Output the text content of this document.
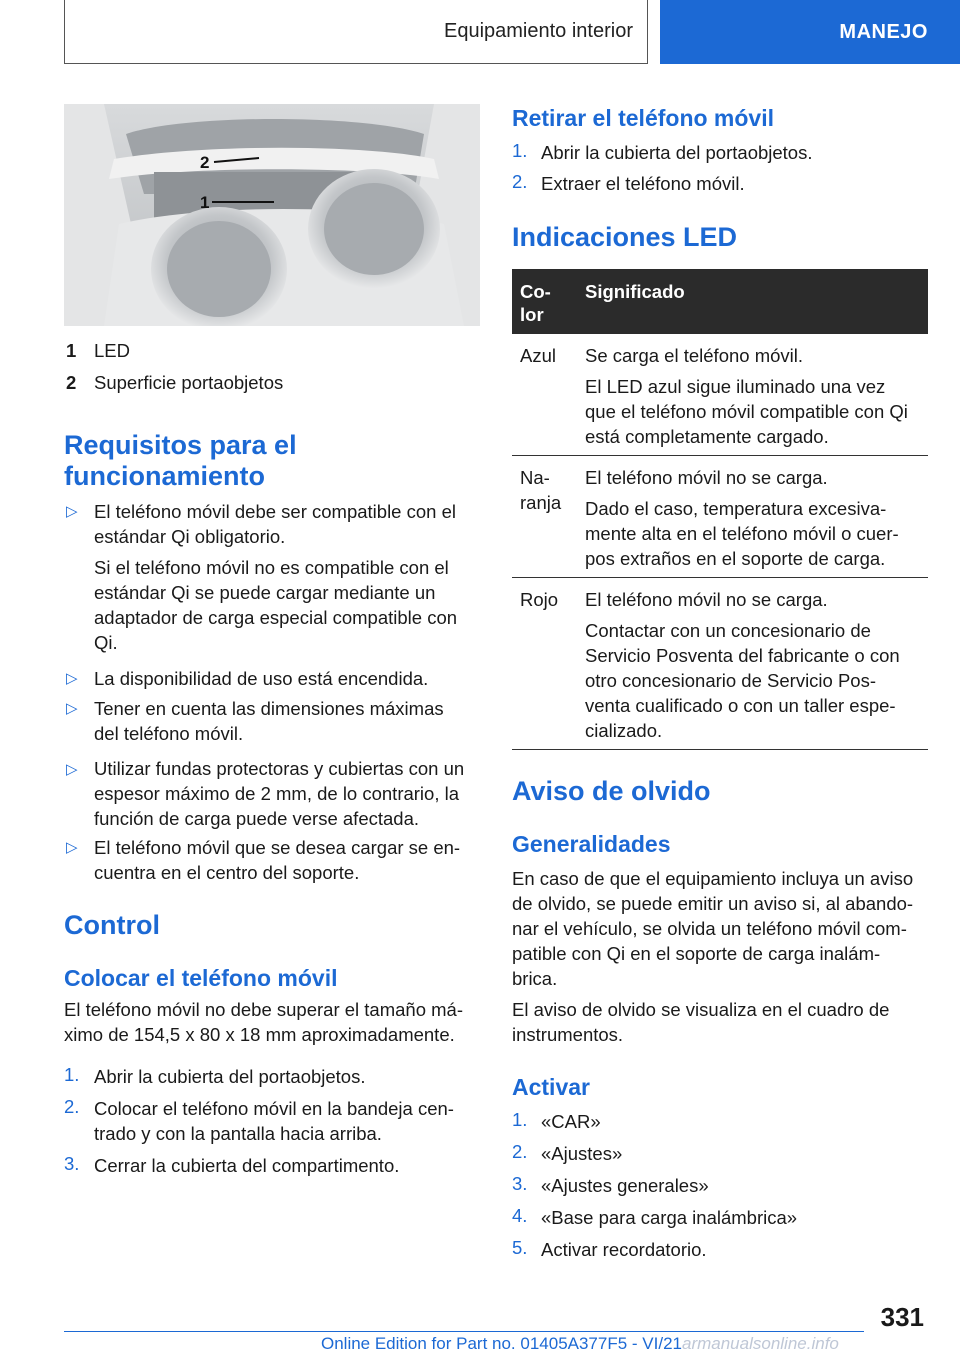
Equipamiento interior	MANEJO
2
1
1 LED
2 Superficie portaobjetos
Requisitos para el
funcionamiento
▷ El teléfono móvil debe ser compatible con el
estándar Qi obligatorio.
Si el teléfono móvil no es compatible con el
estándar Qi se puede cargar mediante un
adaptador de carga especial compatible con
Qi.
▷ La disponibilidad de uso está encendida.
▷ Tener en cuenta las dimensiones máximas
del teléfono móvil.
▷ Utilizar fundas protectoras y cubiertas con un
espesor máximo de 2 mm, de lo contrario, la
función de carga puede verse afectada.
▷ El teléfono móvil que se desea cargar se en-
cuentra en el centro del soporte.
Control
Colocar el teléfono móvil
El teléfono móvil no debe superar el tamaño má-
ximo de 154,5 x 80 x 18 mm aproximadamente.
1. Abrir la cubierta del portaobjetos.
2. Colocar el teléfono móvil en la bandeja cen-
trado y con la pantalla hacia arriba.
3. Cerrar la cubierta del compartimento.
Retirar el teléfono móvil
1. Abrir la cubierta del portaobjetos.
2. Extraer el teléfono móvil.
Indicaciones LED
Co-
lor
Significado
Azul Se carga el teléfono móvil.
El LED azul sigue iluminado una vez
que el teléfono móvil compatible con Qi
está completamente cargado.
Na-
ranja
El teléfono móvil no se carga.
Dado el caso, temperatura excesiva-
mente alta en el teléfono móvil o cuer-
pos extraños en el soporte de carga.
Rojo El teléfono móvil no se carga.
Contactar con un concesionario de
Servicio Posventa del fabricante o con
otro concesionario de Servicio Pos-
venta cualificado o con un taller espe-
cializado.
Aviso de olvido
Generalidades
En caso de que el equipamiento incluya un aviso
de olvido, se puede emitir un aviso si, al abando-
nar el vehículo, se olvida un teléfono móvil com-
patible con Qi en el soporte de carga inalám-
brica.
El aviso de olvido se visualiza en el cuadro de
instrumentos.
Activar
1. «CAR»
2. «Ajustes»
3. «Ajustes generales»
4. «Base para carga inalámbrica»
5. Activar recordatorio.
331
Online Edition for Part no. 01405A377F5 - VI/21 armanualsonline.info
